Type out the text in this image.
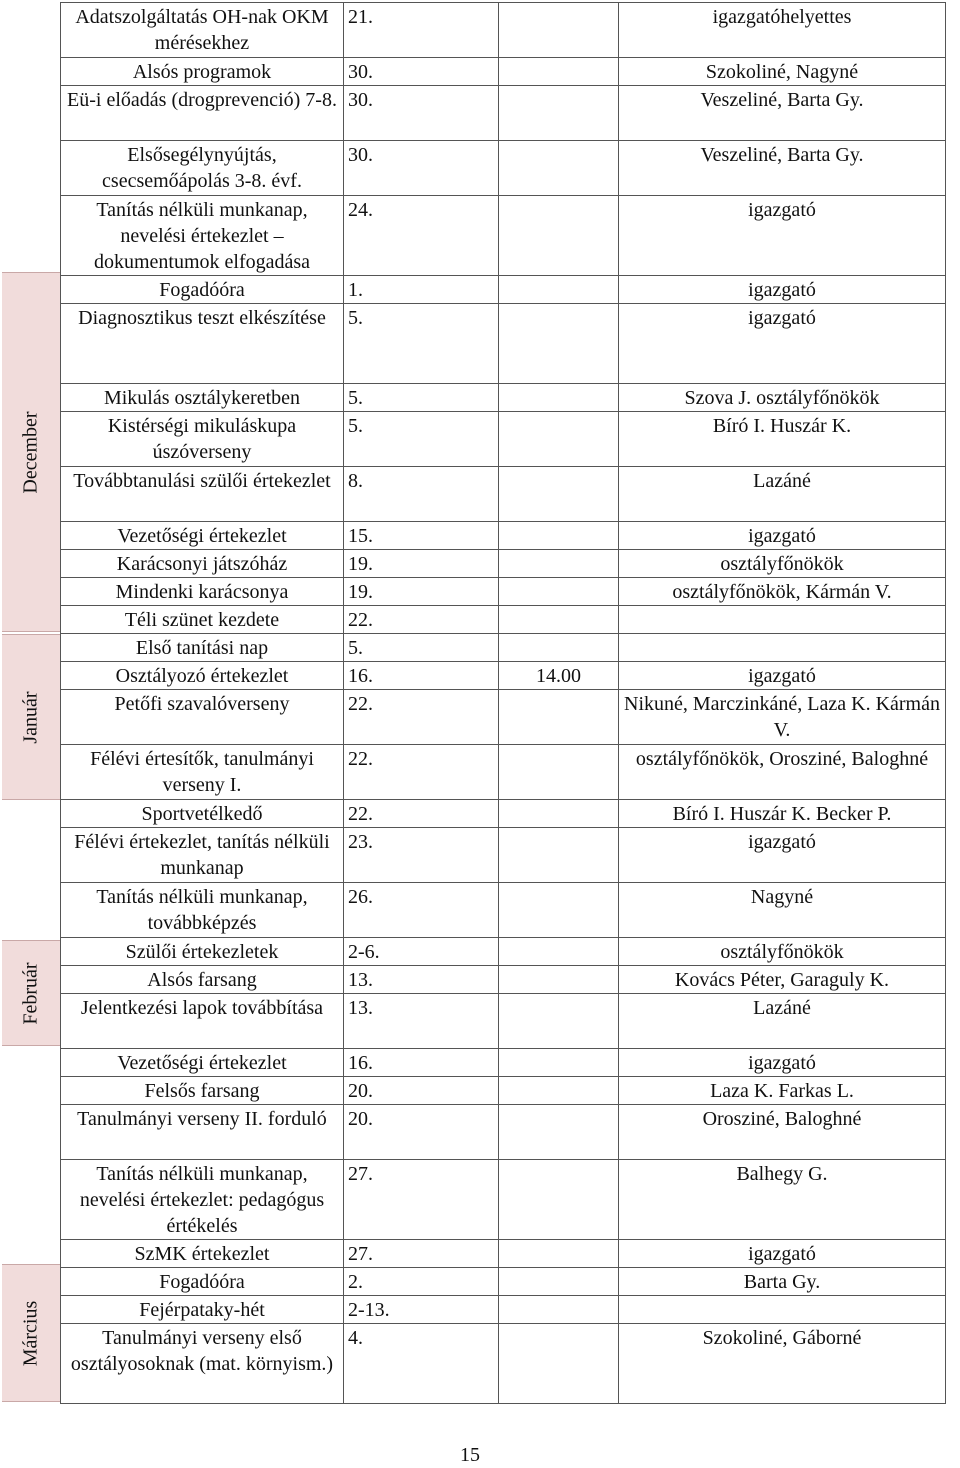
December
Január
Február
Március
Adatszolgáltatás OH-nak OKM mérésekhez	21.		igazgatóhelyettes
Alsós programok	30.		Szokoliné, Nagyné
Eü-i előadás (drogprevenció) 7-8.	30.		Veszeliné, Barta Gy.
Elsősegélynyújtás, csecsemőápolás 3-8. évf.	30.		Veszeliné, Barta Gy.
Tanítás nélküli munkanap, nevelési értekezlet – dokumentumok elfogadása	24.		igazgató
Fogadóóra	1.		igazgató
Diagnosztikus teszt elkészítése	5.		igazgató
Mikulás osztálykeretben	5.		Szova J. osztályfőnökök
Kistérségi mikuláskupa úszóverseny	5.		Bíró I. Huszár K.
Továbbtanulási szülői értekezlet	8.		Lazáné
Vezetőségi értekezlet	15.		igazgató
Karácsonyi játszóház	19.		osztályfőnökök
Mindenki karácsonya	19.		osztályfőnökök, Kármán V.
Téli szünet kezdete	22.		
Első tanítási nap	5.		
Osztályozó értekezlet	16.	14.00	igazgató
Petőfi szavalóverseny	22.		Nikuné, Marczinkáné, Laza K. Kármán V.
Félévi értesítők, tanulmányi verseny I.	22.		osztályfőnökök, Orosziné, Baloghné
Sportvetélkedő	22.		Bíró I. Huszár K. Becker P.
Félévi értekezlet, tanítás nélküli munkanap	23.		igazgató
Tanítás nélküli munkanap, továbbképzés	26.		Nagyné
Szülői értekezletek	2-6.		osztályfőnökök
Alsós farsang	13.		Kovács Péter, Garaguly K.
Jelentkezési lapok továbbítása	13.		Lazáné
Vezetőségi értekezlet	16.		igazgató
Felsős farsang	20.		Laza K. Farkas L.
Tanulmányi verseny II. forduló	20.		Orosziné, Baloghné
Tanítás nélküli munkanap, nevelési értekezlet: pedagógus értékelés	27.		Balhegy G.
SzMK értekezlet	27.		igazgató
Fogadóóra	2.		Barta Gy.
Fejérpataky-hét	2-13.		
Tanulmányi verseny első osztályosoknak (mat. környism.)	4.		Szokoliné, Gáborné
15
